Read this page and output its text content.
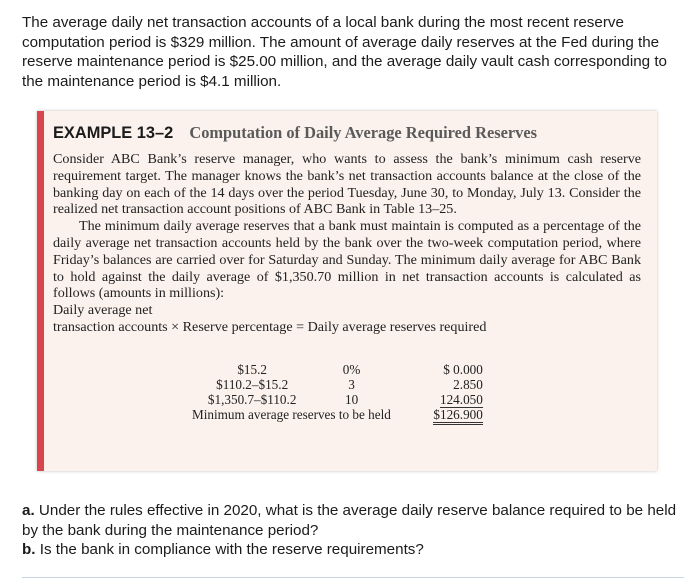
The average daily net transaction accounts of a local bank during the most recent reserve computation period is $329 million. The amount of average daily reserves at the Fed during the reserve maintenance period is $25.00 million, and the average daily vault cash corresponding to the maintenance period is $4.1 million.

EXAMPLE 13–2 Computation of Daily Average Required Reserves

Consider ABC Bank’s reserve manager, who wants to assess the bank’s minimum cash reserve requirement target. The manager knows the bank’s net transaction accounts balance at the close of the banking day on each of the 14 days over the period Tuesday, June 30, to Monday, July 13. Consider the realized net transaction account positions of ABC Bank in Table 13–25.

The minimum daily average reserves that a bank must maintain is computed as a percentage of the daily average net transaction accounts held by the bank over the two-week computation period, where Friday’s balances are carried over for Saturday and Sunday. The minimum daily average for ABC Bank to hold against the daily average of $1,350.70 million in net transaction accounts is calculated as follows (amounts in millions):

Daily average net

transaction accounts × Reserve percentage = Daily average reserves required

$15.2	0%	$ 0.000
$110.2–$15.2	3	2.850
$1,350.7–$110.2	10	124.050
Minimum average reserves to be held		$126.900
a. Under the rules effective in 2020, what is the average daily reserve balance required to be held by the bank during the maintenance period?
b. Is the bank in compliance with the reserve requirements?
